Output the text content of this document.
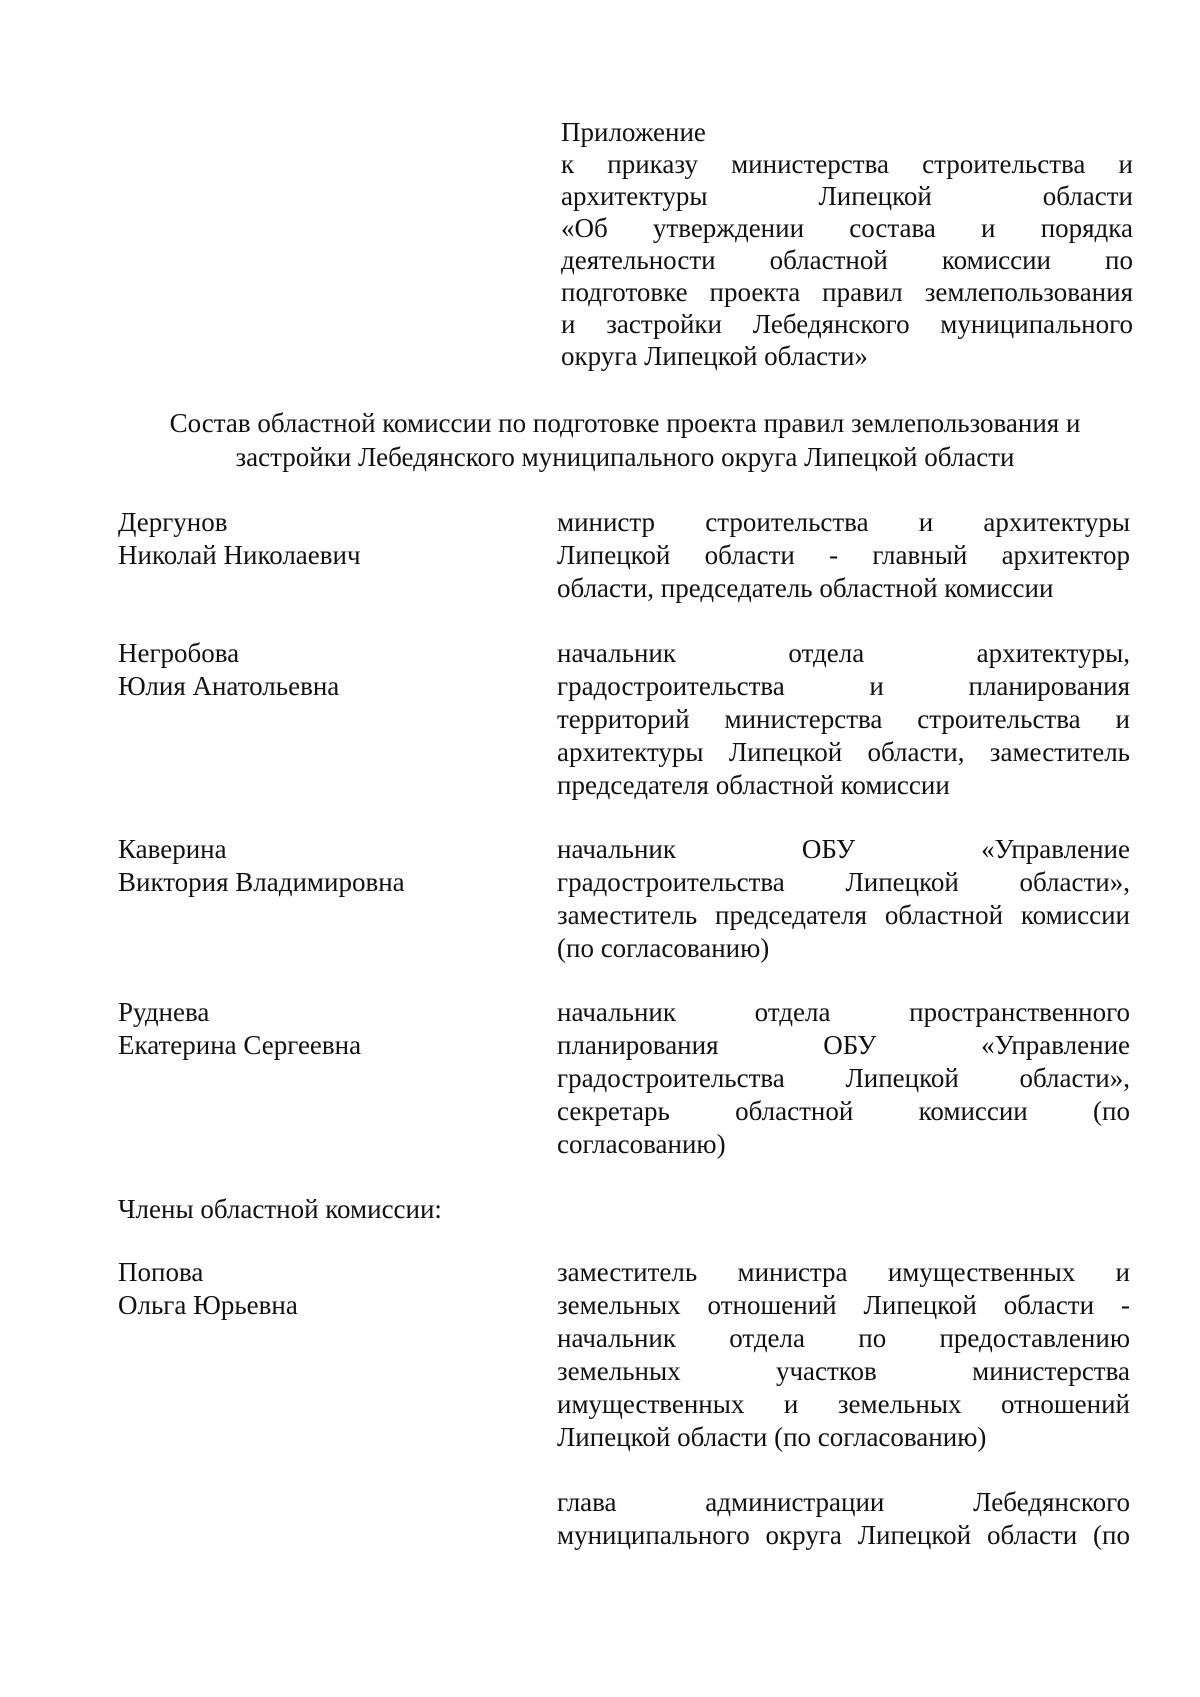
Приложение
к приказу министерства строительства и
архитектуры Липецкой области
«Об утверждении состава и порядка
деятельности областной комиссии по
подготовке проекта правил землепользования
и застройки Лебедянского муниципального
округа Липецкой области»
Состав областной комиссии по подготовке проекта правил землепользования и
застройки Лебедянского муниципального округа Липецкой области
Дергунов
Николай Николаевич
министр строительства и архитектуры
Липецкой области - главный архитектор
области, председатель областной комиссии
Негробова
Юлия Анатольевна
начальник отдела архитектуры,
градостроительства и планирования
территорий министерства строительства и
архитектуры Липецкой области, заместитель
председателя областной комиссии
Каверина
Виктория Владимировна
начальник ОБУ «Управление
градостроительства Липецкой области»,
заместитель председателя областной комиссии
(по согласованию)
Руднева
Екатерина Сергеевна
начальник отдела пространственного
планирования ОБУ «Управление
градостроительства Липецкой области»,
секретарь областной комиссии (по
согласованию)
Члены областной комиссии:
Попова
Ольга Юрьевна
заместитель министра имущественных и
земельных отношений Липецкой области -
начальник отдела по предоставлению
земельных участков министерства
имущественных и земельных отношений
Липецкой области (по согласованию)
глава администрации Лебедянского
муниципального округа Липецкой области (по
